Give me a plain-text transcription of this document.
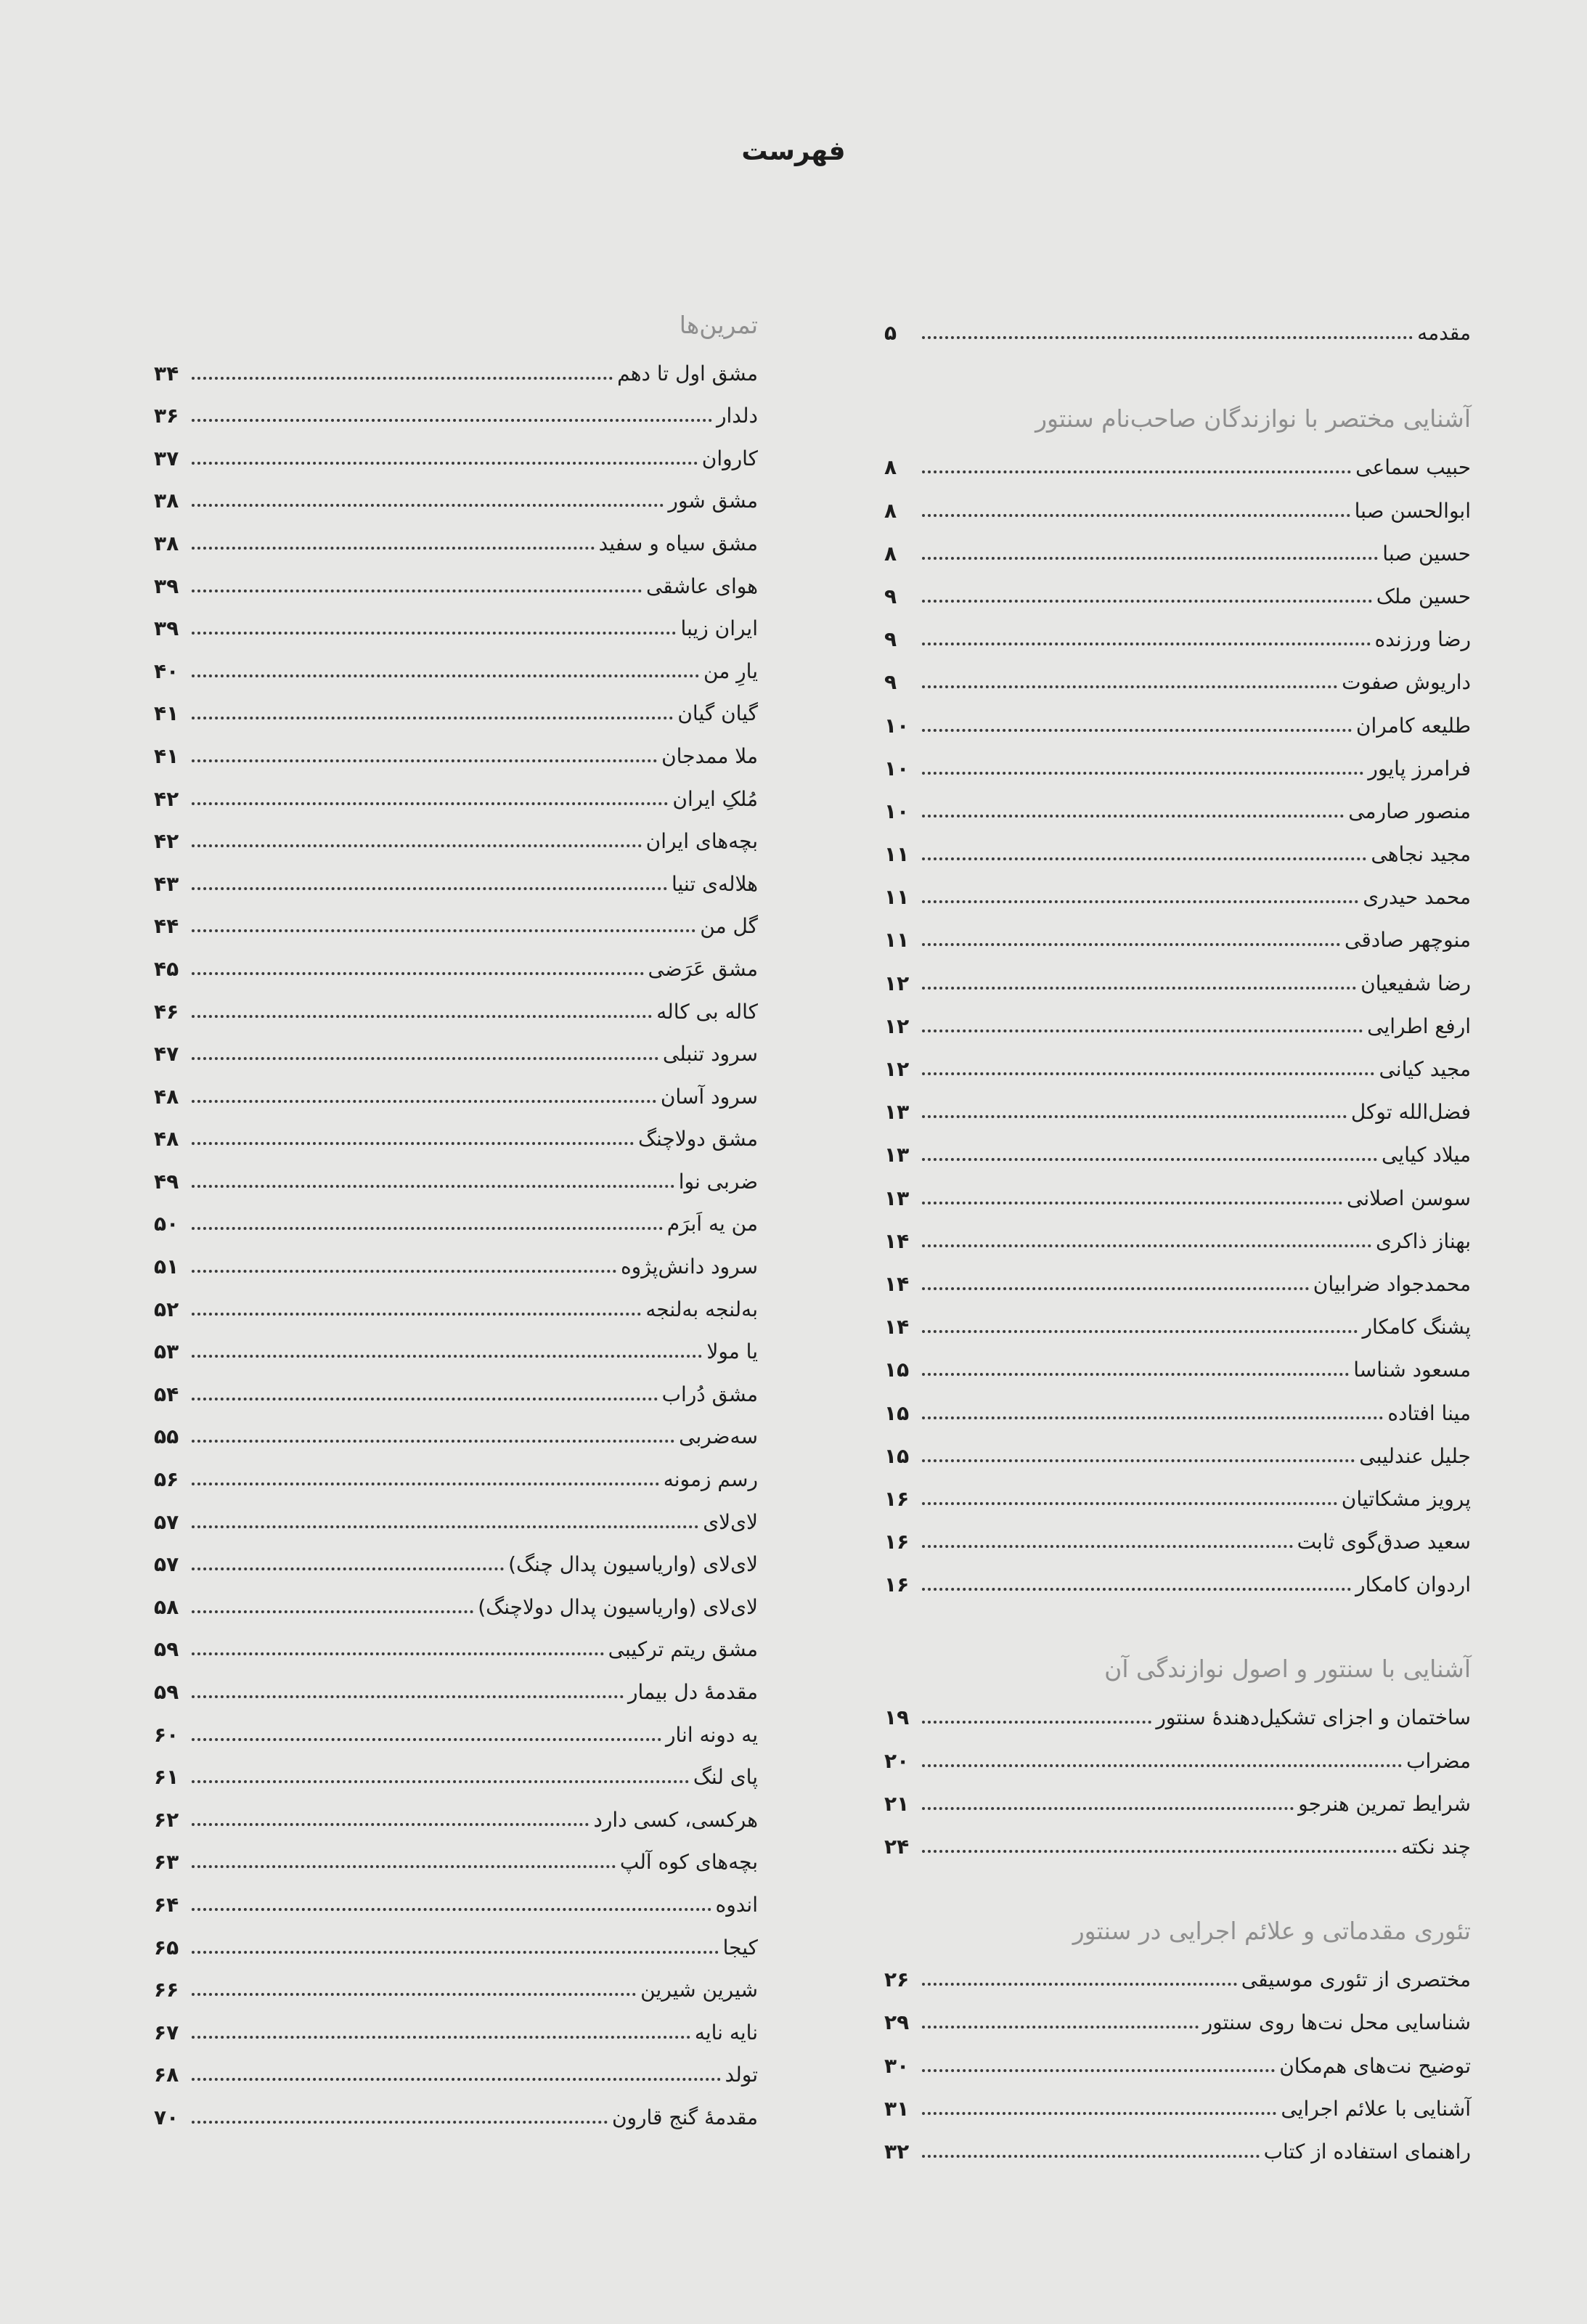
فهرست
مقدمه
۵
آشنایی مختصر با نوازندگان صاحب‌نام سنتور
حبیب سماعی
۸
ابوالحسن صبا
۸
حسین صبا
۸
حسین ملک
۹
رضا ورزنده
۹
داریوش صفوت
۹
طلیعه کامران
۱۰
فرامرز پایور
۱۰
منصور صارمی
۱۰
مجید نجاهی
۱۱
محمد حیدری
۱۱
منوچهر صادقی
۱۱
رضا شفیعیان
۱۲
ارفع اطرایی
۱۲
مجید کیانی
۱۲
فضل‌الله توکل
۱۳
میلاد کیایی
۱۳
سوسن اصلانی
۱۳
بهناز ذاکری
۱۴
محمدجواد ضرابیان
۱۴
پشنگ کامکار
۱۴
مسعود شناسا
۱۵
مینا افتاده
۱۵
جلیل عندلیبی
۱۵
پرویز مشکاتیان
۱۶
سعید صدق‌گوی ثابت
۱۶
اردوان کامکار
۱۶
آشنایی با سنتور و اصول نوازندگی آن
ساختمان و اجزای تشکیل‌دهندهٔ سنتور
۱۹
مضراب
۲۰
شرایط تمرین هنرجو
۲۱
چند نکته
۲۴
تئوری مقدماتی و علائم اجرایی در سنتور
مختصری از تئوری موسیقی
۲۶
شناسایی محل نت‌ها روی سنتور
۲۹
توضیح نت‌های هم‌مکان
۳۰
آشنایی با علائم اجرایی
۳۱
راهنمای استفاده از کتاب
۳۲
تمرین‌ها
مشق اول تا دهم
۳۴
دلدار
۳۶
کاروان
۳۷
مشق شور
۳۸
مشق سیاه و سفید
۳۸
هوای عاشقی
۳۹
ایران زیبا
۳۹
یارِ من
۴۰
گیان گیان
۴۱
ملا ممدجان
۴۱
مُلکِ ایران
۴۲
بچه‌های ایران
۴۲
هلاله‌ی تنیا
۴۳
گل من
۴۴
مشق عَرَضی
۴۵
کاله بی کاله
۴۶
سرود تنبلی
۴۷
سرود آسان
۴۸
مشق دولاچنگ
۴۸
ضربی نوا
۴۹
من یه اَبرَم
۵۰
سرود دانش‌پژوه
۵۱
به‌لنجه به‌لنجه
۵۲
یا مولا
۵۳
مشق دُراب
۵۴
سه‌ضربی
۵۵
رسم زمونه
۵۶
لای‌لای
۵۷
لای‌لای (واریاسیون پدال چنگ)
۵۷
لای‌لای (واریاسیون پدال دولاچنگ)
۵۸
مشق ریتم ترکیبی
۵۹
مقدمهٔ دل بیمار
۵۹
یه دونه انار
۶۰
پای لنگ
۶۱
هرکسی، کسی دارد
۶۲
بچه‌های کوه آلپ
۶۳
اندوه
۶۴
کیجا
۶۵
شیرین شیرین
۶۶
نایه نایه
۶۷
تولد
۶۸
مقدمهٔ گنج قارون
۷۰
